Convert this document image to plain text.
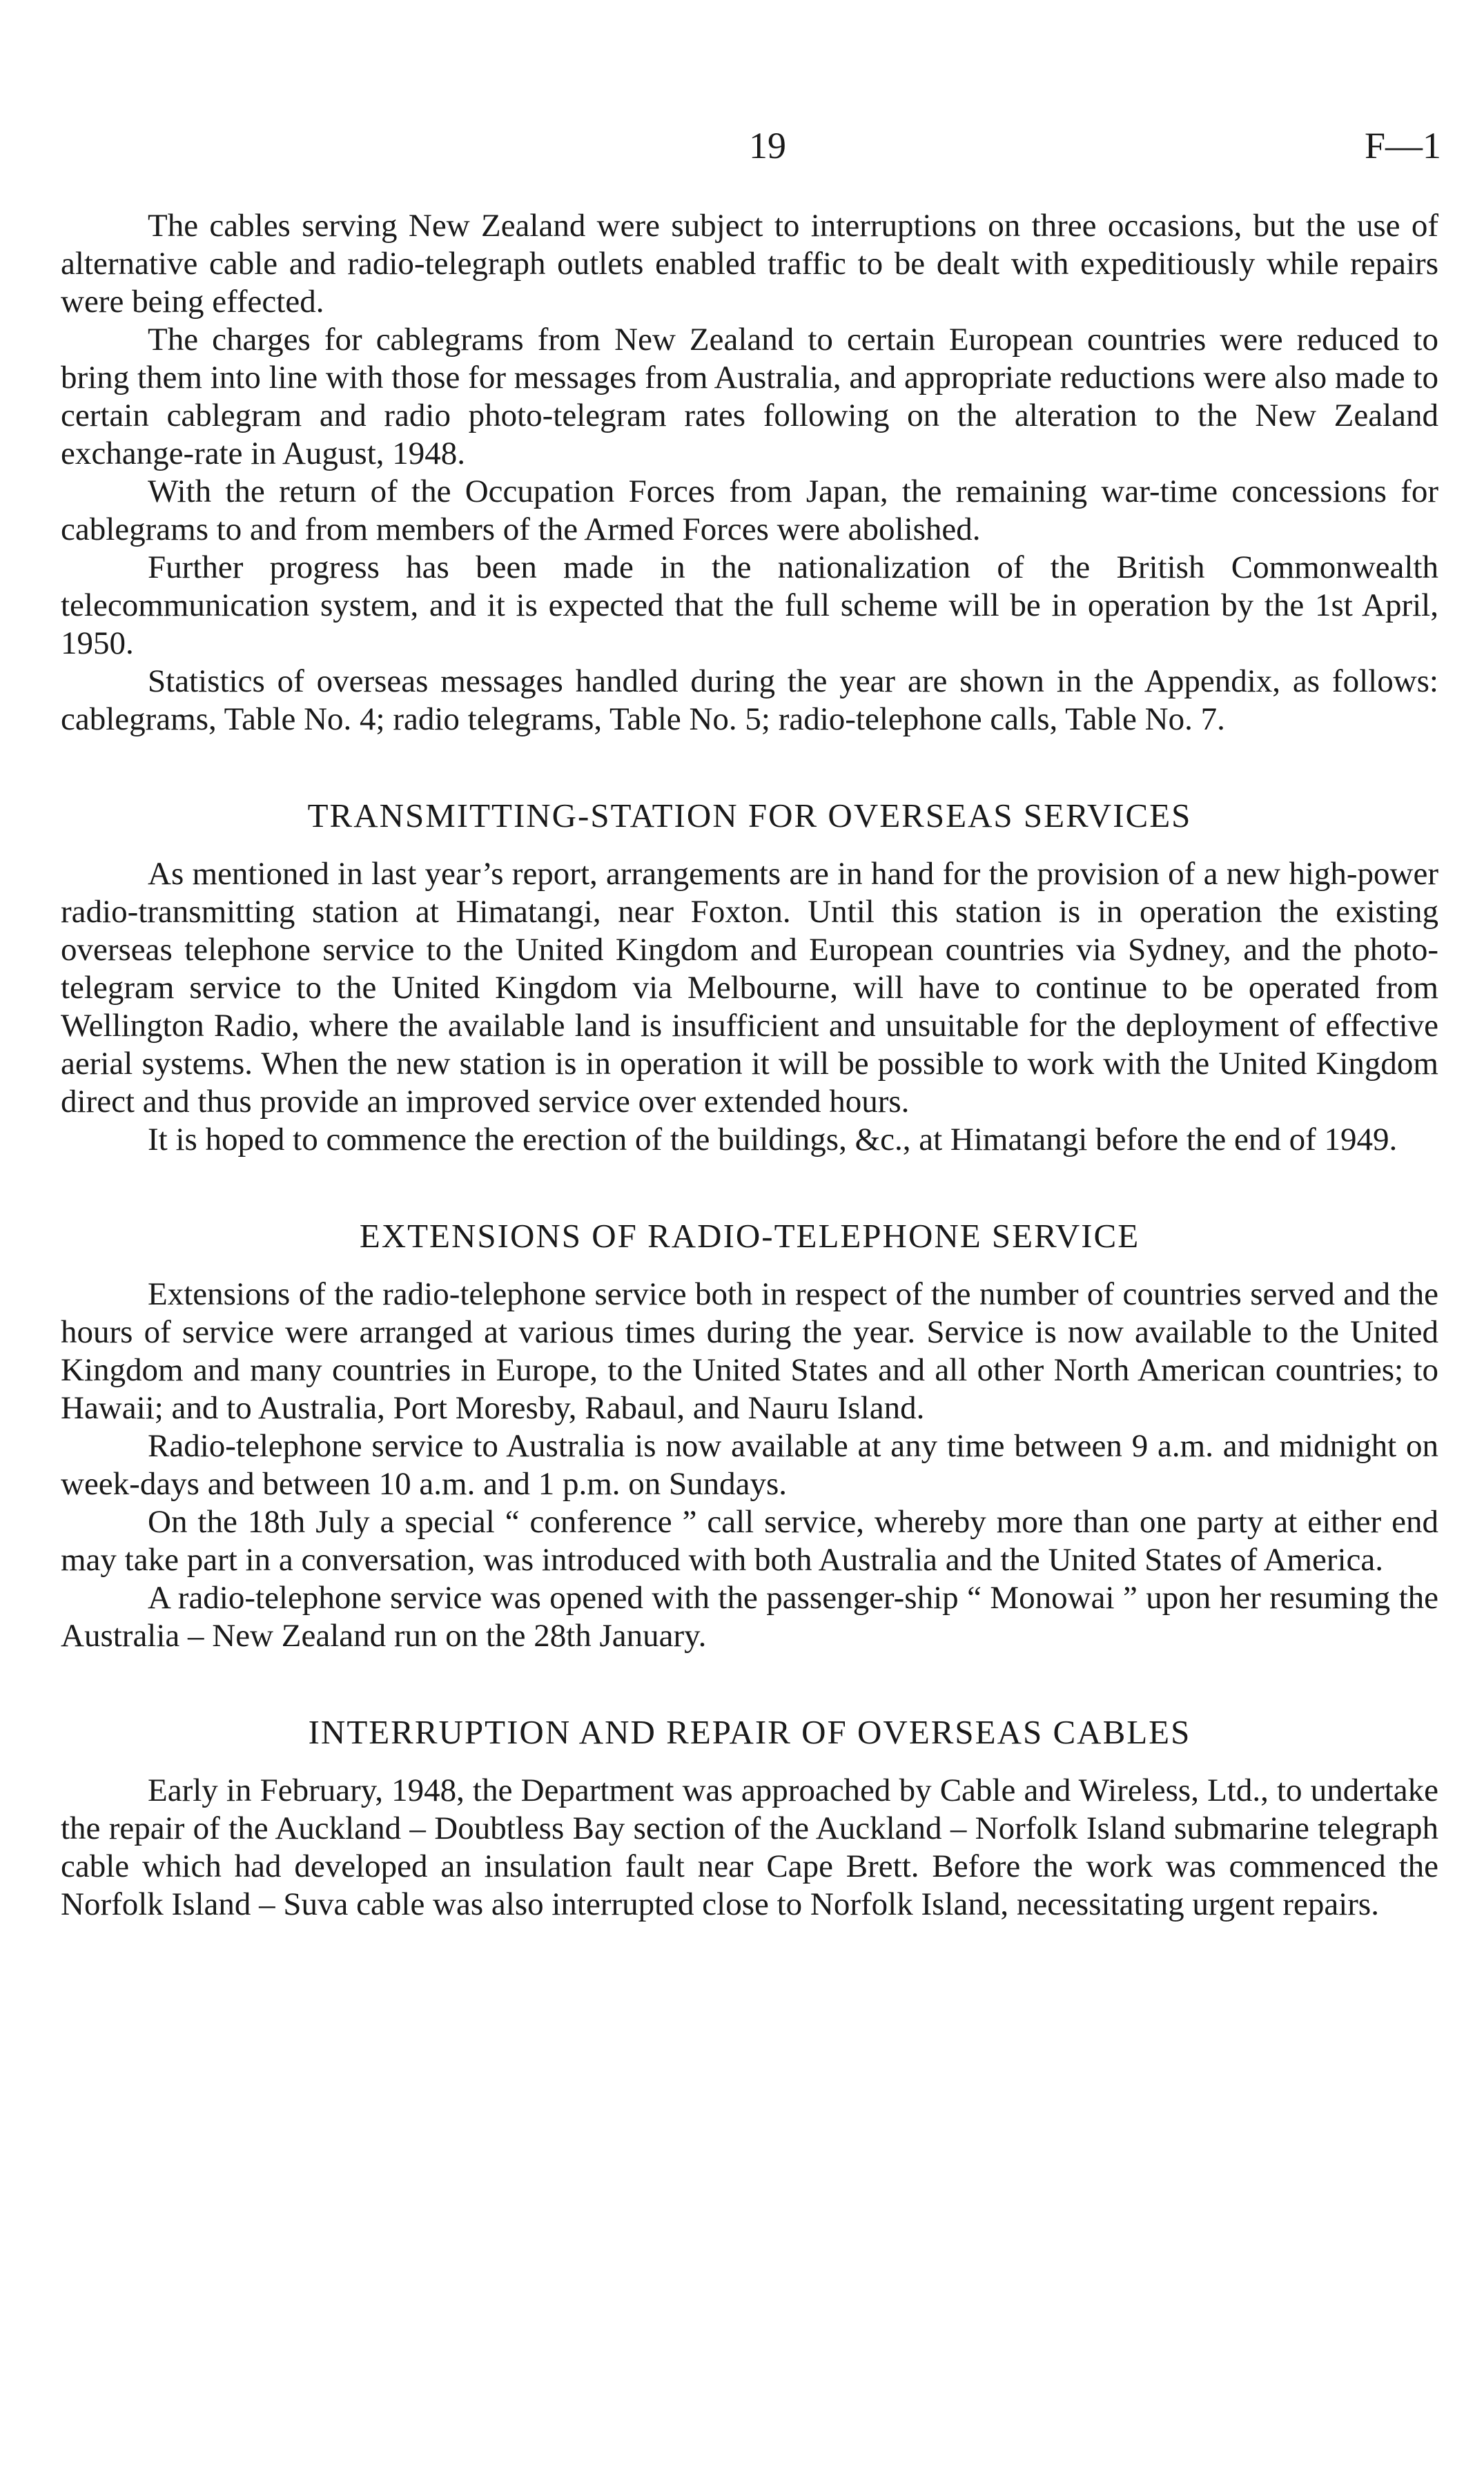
19	F—1

The cables serving New Zealand were subject to interruptions on three occasions, but the use of alternative cable and radio-telegraph outlets enabled traffic to be dealt with expeditiously while repairs were being effected.

The charges for cablegrams from New Zealand to certain European countries were reduced to bring them into line with those for messages from Australia, and appropriate reductions were also made to certain cablegram and radio photo-telegram rates following on the alteration to the New Zealand exchange-rate in August, 1948.

With the return of the Occupation Forces from Japan, the remaining war-time concessions for cablegrams to and from members of the Armed Forces were abolished.

Further progress has been made in the nationalization of the British Commonwealth telecommunication system, and it is expected that the full scheme will be in operation by the 1st April, 1950.

Statistics of overseas messages handled during the year are shown in the Appendix, as follows: cablegrams, Table No. 4; radio telegrams, Table No. 5; radio-telephone calls, Table No. 7.

TRANSMITTING-STATION FOR OVERSEAS SERVICES

As mentioned in last year’s report, arrangements are in hand for the provision of a new high-power radio-transmitting station at Himatangi, near Foxton. Until this station is in operation the existing overseas telephone service to the United Kingdom and European countries via Sydney, and the photo-telegram service to the United Kingdom via Melbourne, will have to continue to be operated from Wellington Radio, where the available land is insufficient and unsuitable for the deployment of effective aerial systems. When the new station is in operation it will be possible to work with the United Kingdom direct and thus provide an improved service over extended hours.

It is hoped to commence the erection of the buildings, &c., at Himatangi before the end of 1949.

EXTENSIONS OF RADIO-TELEPHONE SERVICE

Extensions of the radio-telephone service both in respect of the number of countries served and the hours of service were arranged at various times during the year. Service is now available to the United Kingdom and many countries in Europe, to the United States and all other North American countries; to Hawaii; and to Australia, Port Moresby, Rabaul, and Nauru Island.

Radio-telephone service to Australia is now available at any time between 9 a.m. and midnight on week-days and between 10 a.m. and 1 p.m. on Sundays.

On the 18th July a special “ conference ” call service, whereby more than one party at either end may take part in a conversation, was introduced with both Australia and the United States of America.

A radio-telephone service was opened with the passenger-ship “ Monowai ” upon her resuming the Australia – New Zealand run on the 28th January.

INTERRUPTION AND REPAIR OF OVERSEAS CABLES

Early in February, 1948, the Department was approached by Cable and Wireless, Ltd., to undertake the repair of the Auckland – Doubtless Bay section of the Auckland – Norfolk Island submarine telegraph cable which had developed an insulation fault near Cape Brett. Before the work was commenced the Norfolk Island – Suva cable was also interrupted close to Norfolk Island, necessitating urgent repairs.
